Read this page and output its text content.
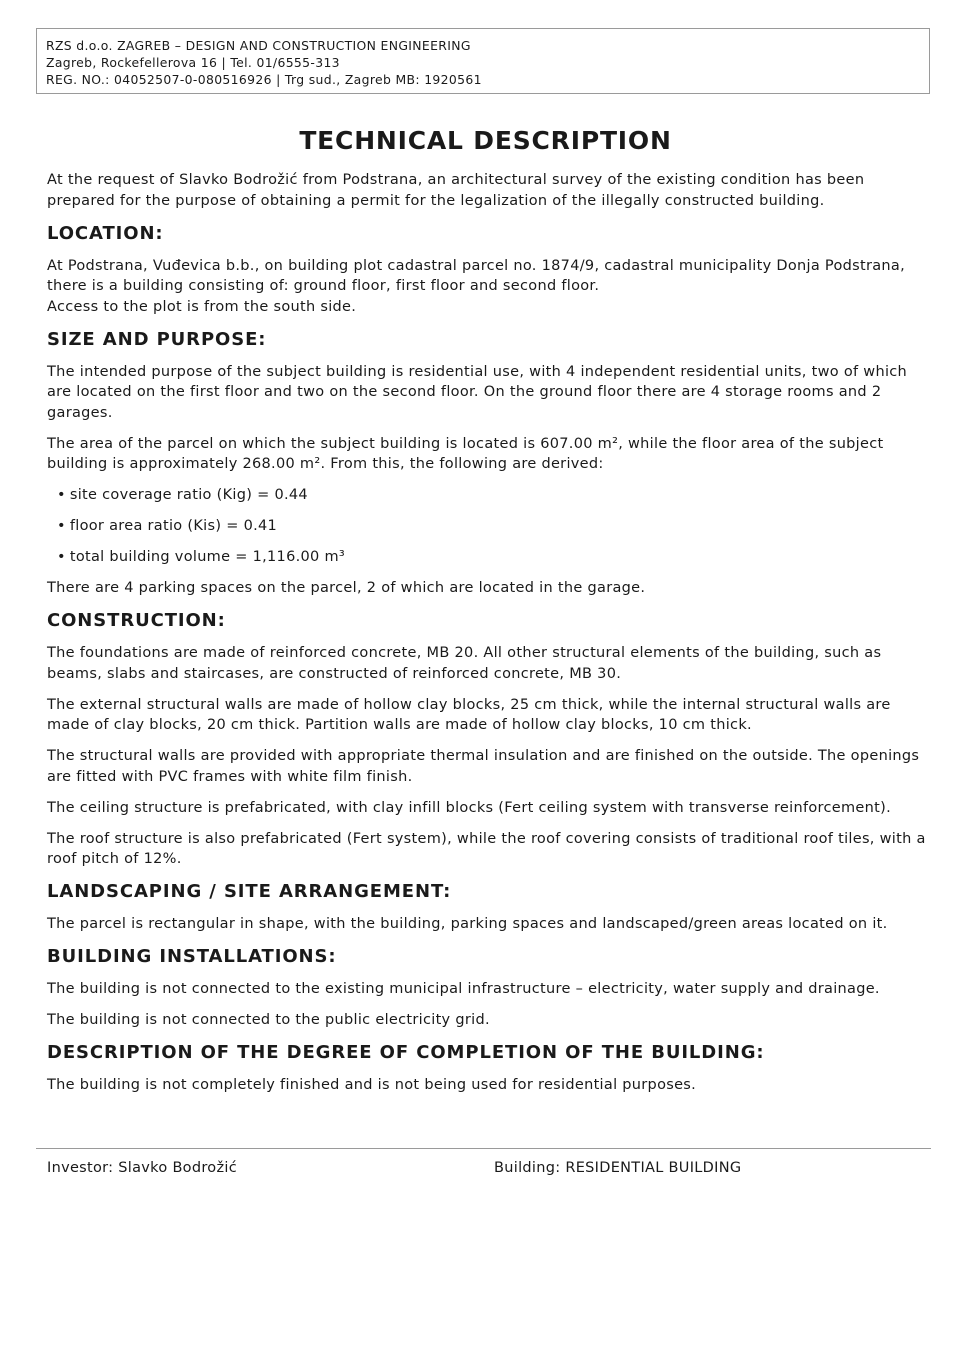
RZS d.o.o. ZAGREB – DESIGN AND CONSTRUCTION ENGINEERING
Zagreb, Rockefellerova 16 | Tel. 01/6555-313
REG. NO.: 04052507-0-080516926 | Trg sud., Zagreb MB: 1920561
TECHNICAL DESCRIPTION

At the request of Slavko Bodrožić from Podstrana, an architectural survey of the existing condition has been prepared for the purpose of obtaining a permit for the legalization of the illegally constructed building.

LOCATION:

At Podstrana, Vuđevica b.b., on building plot cadastral parcel no. 1874/9, cadastral municipality Donja Podstrana, there is a building consisting of: ground floor, first floor and second floor.
Access to the plot is from the south side.

SIZE AND PURPOSE:

The intended purpose of the subject building is residential use, with 4 independent residential units, two of which are located on the first floor and two on the second floor. On the ground floor there are 4 storage rooms and 2 garages.

The area of the parcel on which the subject building is located is 607.00 m², while the floor area of the subject building is approximately 268.00 m². From this, the following are derived:

• site coverage ratio (Kig) = 0.44
• floor area ratio (Kis) = 0.41
• total building volume = 1,116.00 m³

There are 4 parking spaces on the parcel, 2 of which are located in the garage.

CONSTRUCTION:

The foundations are made of reinforced concrete, MB 20. All other structural elements of the building, such as beams, slabs and staircases, are constructed of reinforced concrete, MB 30.

The external structural walls are made of hollow clay blocks, 25 cm thick, while the internal structural walls are made of clay blocks, 20 cm thick. Partition walls are made of hollow clay blocks, 10 cm thick.

The structural walls are provided with appropriate thermal insulation and are finished on the outside. The openings are fitted with PVC frames with white film finish.

The ceiling structure is prefabricated, with clay infill blocks (Fert ceiling system with transverse reinforcement).

The roof structure is also prefabricated (Fert system), while the roof covering consists of traditional roof tiles, with a roof pitch of 12%.

LANDSCAPING / SITE ARRANGEMENT:

The parcel is rectangular in shape, with the building, parking spaces and landscaped/green areas located on it.

BUILDING INSTALLATIONS:

The building is not connected to the existing municipal infrastructure – electricity, water supply and drainage.

The building is not connected to the public electricity grid.

DESCRIPTION OF THE DEGREE OF COMPLETION OF THE BUILDING:

The building is not completely finished and is not being used for residential purposes.

Investor: Slavko Bodrožić	Building: RESIDENTIAL BUILDING
